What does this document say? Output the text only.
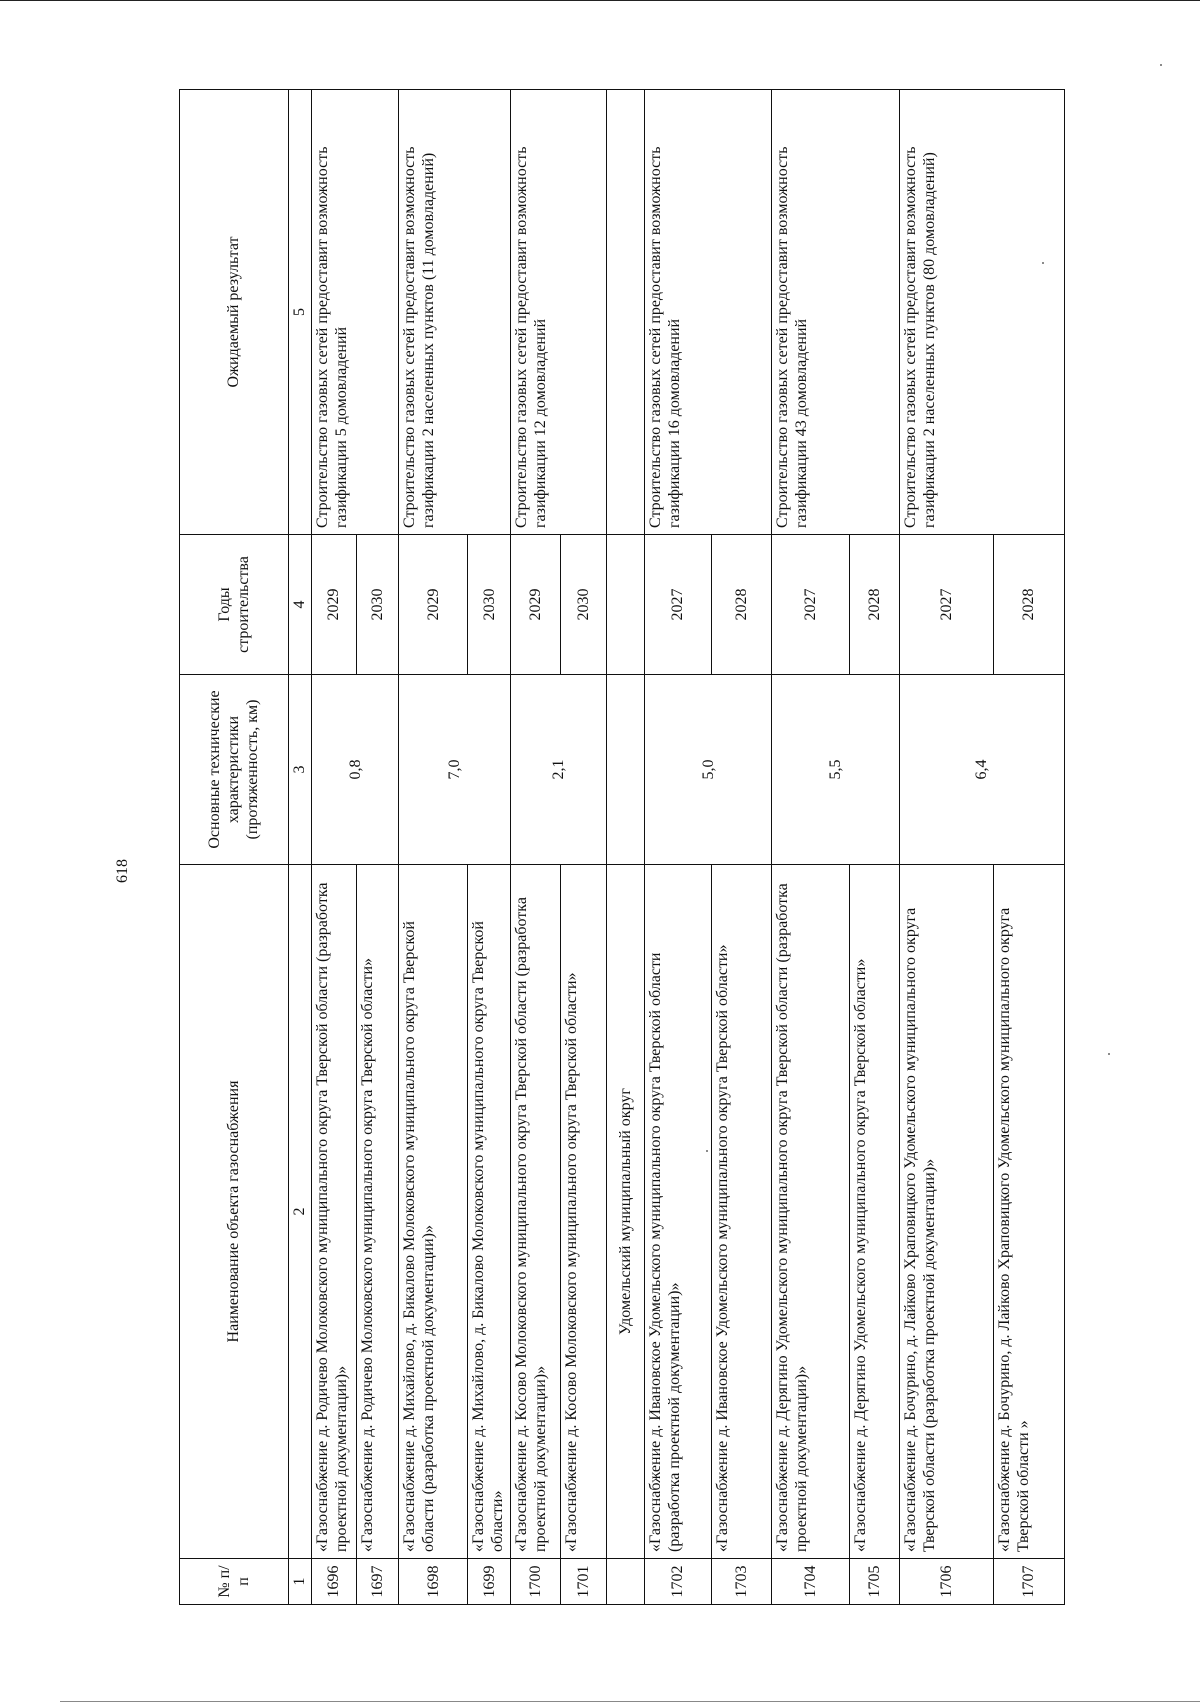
618
№ п/п	Наименование объекта газоснабжения	Основные технические характеристики (протяженность, км)	Годы строительства	Ожидаемый результат
1	2	3	4	5
1696	«Газоснабжение д. Родичево Молоковского муниципального округа Тверской области (разработка проектной документации)»	0,8	2029	Строительство газовых сетей предоставит возможность газификации 5 домовладений
1697	«Газоснабжение д. Родичево Молоковского муниципального округа Тверской области»		2030	
1698	«Газоснабжение д. Михайлово, д. Бикалово Молоковского муниципального округа Тверской области (разработка проектной документации)»	7,0	2029	Строительство газовых сетей предоставит возможность газификации 2 населенных пунктов (11 домовладений)
1699	«Газоснабжение д. Михайлово, д. Бикалово Молоковского муниципального округа Тверской области»		2030	
1700	«Газоснабжение д. Косово Молоковского муниципального округа Тверской области (разработка проектной документации)»	2,1	2029	Строительство газовых сетей предоставит возможность газификации 12 домовладений
1701	«Газоснабжение д. Косово Молоковского муниципального округа Тверской области»		2030	
	Удомельский муниципальный округ			
1702	«Газоснабжение д. Ивановское Удомельского муниципального округа Тверской области (разработка проектной документации)»	5,0	2027	Строительство газовых сетей предоставит возможность газификации 16 домовладений
1703	«Газоснабжение д. Ивановское Удомельского муниципального округа Тверской области»		2028	
1704	«Газоснабжение д. Дерягино Удомельского муниципального округа Тверской области (разработка проектной документации)»	5,5	2027	Строительство газовых сетей предоставит возможность газификации 43 домовладений
1705	«Газоснабжение д. Дерягино Удомельского муниципального округа Тверской области»		2028	
1706	«Газоснабжение д. Бочурино, д. Лайково Храповицкого Удомельского муниципального округа Тверской области (разработка проектной документации)»	6,4	2027	Строительство газовых сетей предоставит возможность газификации 2 населенных пунктов (80 домовладений)
1707	«Газоснабжение д. Бочурино, д. Лайково Храповицкого Удомельского муниципального округа Тверской области »		2028	
